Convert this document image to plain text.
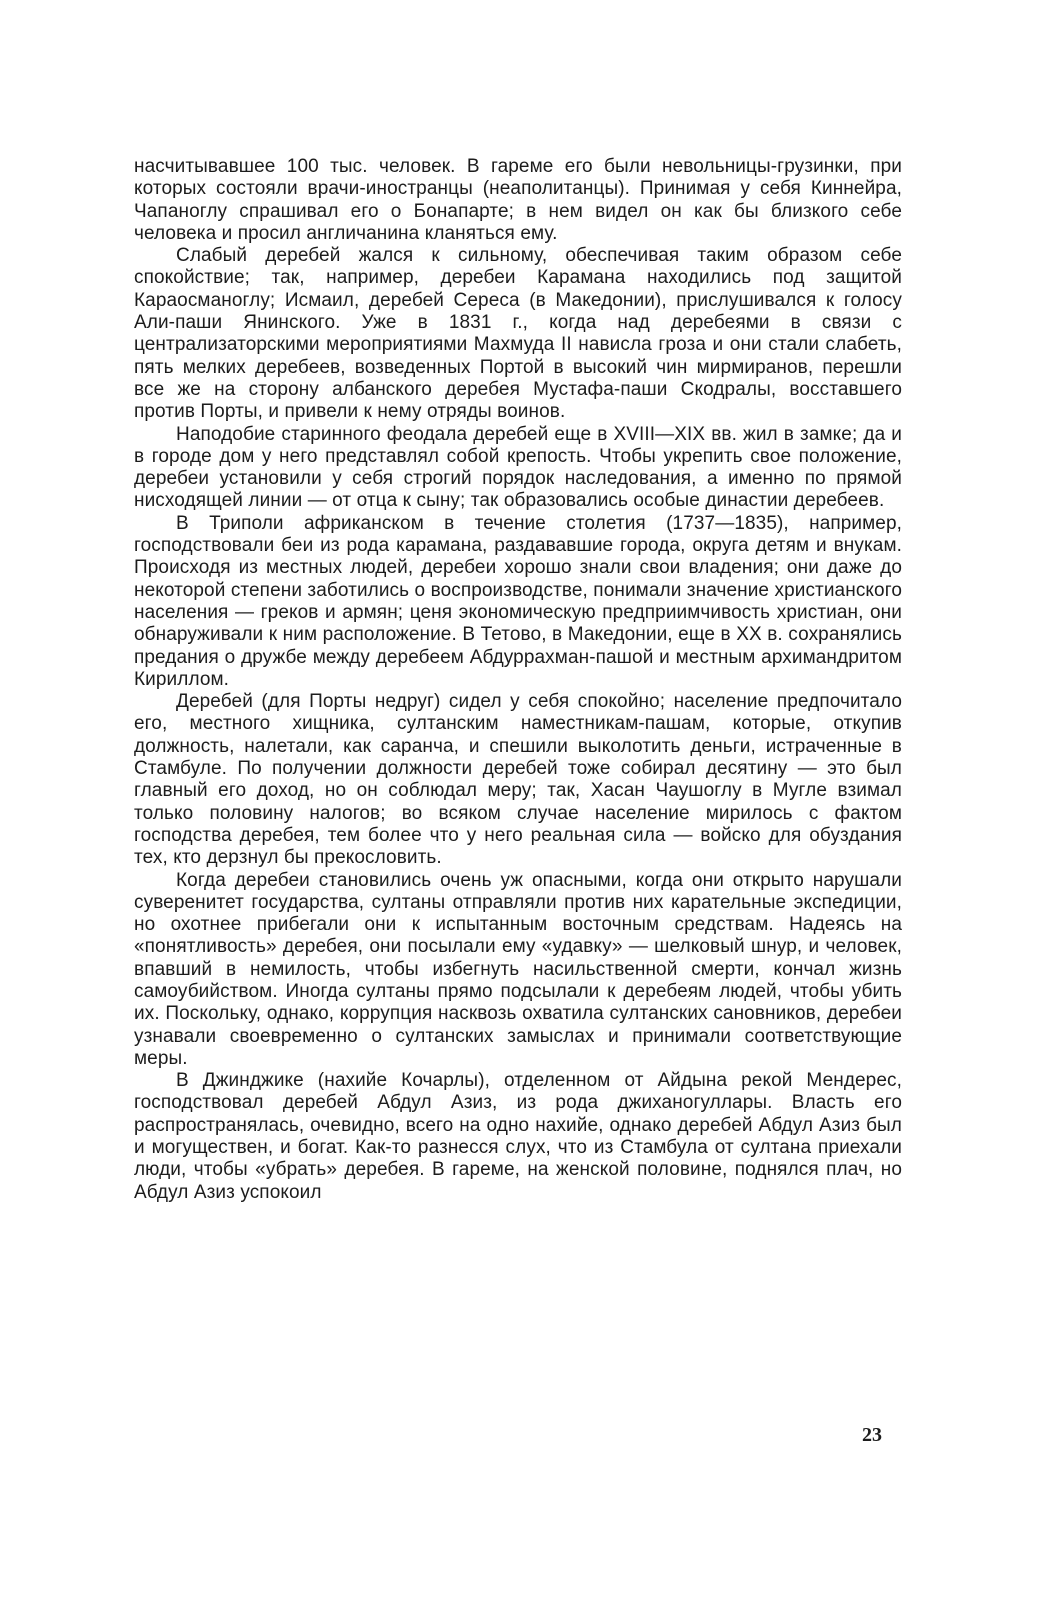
насчитывавшее 100 тыс. человек. В гареме его были невольницы-грузинки, при которых состояли врачи-иностранцы (неаполитанцы). Принимая у себя Киннейра, Чапаноглу спрашивал его о Бонапарте; в нем видел он как бы близкого себе человека и просил англичанина кланяться ему.

Слабый деребей жался к сильному, обеспечивая таким образом себе спокойствие; так, например, деребеи Карамана находились под защитой Караосманоглу; Исмаил, деребей Сереса (в Македонии), прислушивался к голосу Али-паши Янинского. Уже в 1831 г., когда над деребеями в связи с централизаторскими мероприятиями Махмуда II нависла гроза и они стали слабеть, пять мелких деребеев, возведенных Портой в высокий чин мирмиранов, перешли все же на сторону албанского деребея Мустафа-паши Скодралы, восставшего против Порты, и привели к нему отряды воинов.

Наподобие старинного феодала деребей еще в XVIII—XIX вв. жил в замке; да и в городе дом у него представлял собой крепость. Чтобы укрепить свое положение, деребеи установили у себя строгий порядок наследования, а именно по прямой нисходящей линии — от отца к сыну; так образовались особые династии деребеев.

В Триполи африканском в течение столетия (1737—1835), например, господствовали беи из рода карамана, раздававшие города, округа детям и внукам. Происходя из местных людей, деребеи хорошо знали свои владения; они даже до некоторой степени заботились о воспроизводстве, понимали значение христианского населения — греков и армян; ценя экономическую предприимчивость христиан, они обнаруживали к ним расположение. В Тетово, в Македонии, еще в XX в. сохранялись предания о дружбе между деребеем Абдуррахман-пашой и местным архимандритом Кириллом.

Деребей (для Порты недруг) сидел у себя спокойно; население предпочитало его, местного хищника, султанским наместникам-пашам, которые, откупив должность, налетали, как саранча, и спешили выколотить деньги, истраченные в Стамбуле. По получении должности деребей тоже собирал десятину — это был главный его доход, но он соблюдал меру; так, Хасан Чаушоглу в Мугле взимал только половину налогов; во всяком случае население мирилось с фактом господства деребея, тем более что у него реальная сила — войско для обуздания тех, кто дерзнул бы прекословить.

Когда деребеи становились очень уж опасными, когда они открыто нарушали суверенитет государства, султаны отправляли против них карательные экспедиции, но охотнее прибегали они к испытанным восточным средствам. Надеясь на «понятливость» деребея, они посылали ему «удавку» — шелковый шнур, и человек, впавший в немилость, чтобы избегнуть насильственной смерти, кончал жизнь самоубийством. Иногда султаны прямо подсылали к деребеям людей, чтобы убить их. Поскольку, однако, коррупция насквозь охватила султанских сановников, деребеи узнавали своевременно о султанских замыслах и принимали соответствующие меры.

В Джинджике (нахийе Кочарлы), отделенном от Айдына рекой Мендерес, господствовал деребей Абдул Азиз, из рода джиханогуллары. Власть его распространялась, очевидно, всего на одно нахийе, однако деребей Абдул Азиз был и могуществен, и богат. Как-то разнесся слух, что из Стамбула от султана приехали люди, чтобы «убрать» деребея. В гареме, на женской половине, поднялся плач, но Абдул Азиз успокоил

23
